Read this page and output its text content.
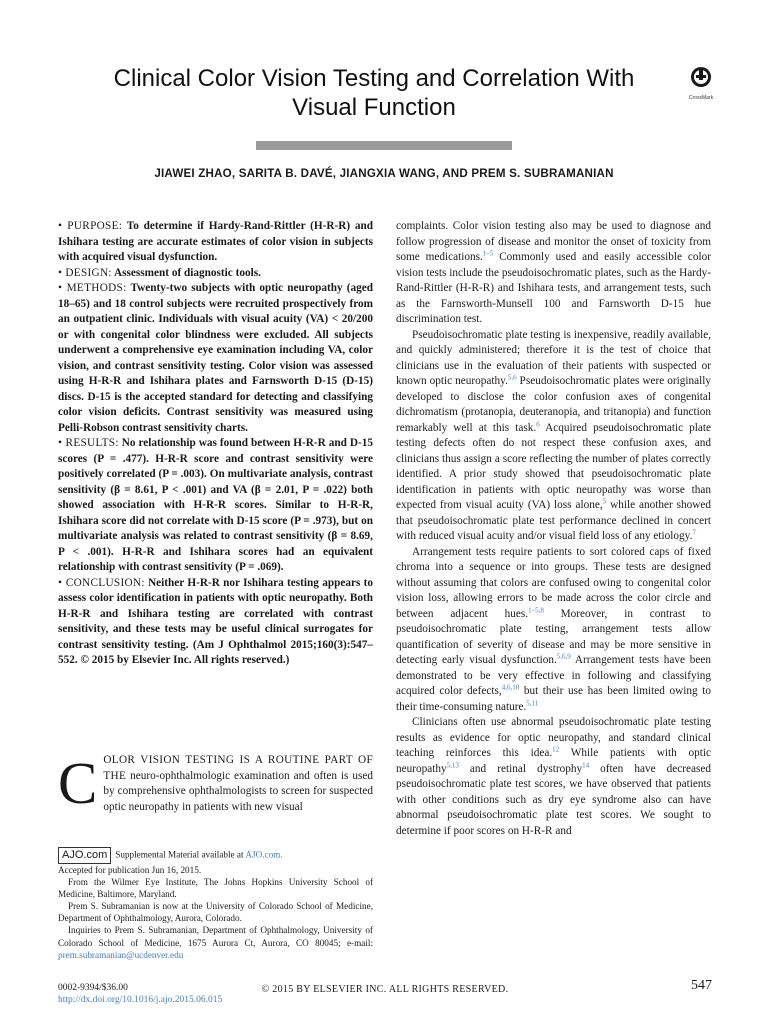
Clinical Color Vision Testing and Correlation With Visual Function	CrossMark
JIAWEI ZHAO, SARITA B. DAVÉ, JIANGXIA WANG, AND PREM S. SUBRAMANIAN

• PURPOSE: To determine if Hardy-Rand-Rittler (H-R-R) and Ishihara testing are accurate estimates of color vision in subjects with acquired visual dysfunction.

• DESIGN: Assessment of diagnostic tools.

• METHODS: Twenty-two subjects with optic neuropathy (aged 18–65) and 18 control subjects were recruited prospectively from an outpatient clinic. Individuals with visual acuity (VA) < 20/200 or with congenital color blindness were excluded. All subjects underwent a comprehensive eye examination including VA, color vision, and contrast sensitivity testing. Color vision was assessed using H-R-R and Ishihara plates and Farnsworth D-15 (D-15) discs. D-15 is the accepted standard for detecting and classifying color vision deficits. Contrast sensitivity was measured using Pelli-Robson contrast sensitivity charts.

• RESULTS: No relationship was found between H-R-R and D-15 scores (P = .477). H-R-R score and contrast sensitivity were positively correlated (P = .003). On multivariate analysis, contrast sensitivity (β = 8.61, P < .001) and VA (β = 2.01, P = .022) both showed association with H-R-R scores. Similar to H-R-R, Ishihara score did not correlate with D-15 score (P = .973), but on multivariate analysis was related to contrast sensitivity (β = 8.69, P < .001). H-R-R and Ishihara scores had an equivalent relationship with contrast sensitivity (P = .069).

• CONCLUSION: Neither H-R-R nor Ishihara testing appears to assess color identification in patients with optic neuropathy. Both H-R-R and Ishihara testing are correlated with contrast sensitivity, and these tests may be useful clinical surrogates for contrast sensitivity testing. (Am J Ophthalmol 2015;160(3):547–552. © 2015 by Elsevier Inc. All rights reserved.)

C OLOR VISION TESTING IS A ROUTINE PART OF THE neuro-ophthalmologic examination and often is used by comprehensive ophthalmologists to screen for suspected optic neuropathy in patients with new visual

AJO.com Supplemental Material available at AJO.com.

Accepted for publication Jun 16, 2015.

From the Wilmer Eye Institute, The Johns Hopkins University School of Medicine, Baltimore, Maryland.

Prem S. Subramanian is now at the University of Colorado School of Medicine, Department of Ophthalmology, Aurora, Colorado.

Inquiries to Prem S. Subramanian, Department of Ophthalmology, University of Colorado School of Medicine, 1675 Aurora Ct, Aurora, CO 80045; e-mail: prem.subramanian@ucdenver.edu

complaints. Color vision testing also may be used to diagnose and follow progression of disease and monitor the onset of toxicity from some medications.$^{1-5}$ Commonly used and easily accessible color vision tests include the pseudoisochromatic plates, such as the Hardy-Rand-Rittler (H-R-R) and Ishihara tests, and arrangement tests, such as the Farnsworth-Munsell 100 and Farnsworth D-15 hue discrimination test.

Pseudoisochromatic plate testing is inexpensive, readily available, and quickly administered; therefore it is the test of choice that clinicians use in the evaluation of their patients with suspected or known optic neuropathy.$^{5,6}$ Pseudoisochromatic plates were originally developed to disclose the color confusion axes of congenital dichromatism (protanopia, deuteranopia, and tritanopia) and function remarkably well at this task.$^6$ Acquired pseudoisochromatic plate testing defects often do not respect these confusion axes, and clinicians thus assign a score reflecting the number of plates correctly identified. A prior study showed that pseudoisochromatic plate identification in patients with optic neuropathy was worse than expected from visual acuity (VA) loss alone,$^5$ while another showed that pseudoisochromatic plate test performance declined in concert with reduced visual acuity and/or visual field loss of any etiology.$^7$

Arrangement tests require patients to sort colored caps of fixed chroma into a sequence or into groups. These tests are designed without assuming that colors are confused owing to congenital color vision loss, allowing errors to be made across the color circle and between adjacent hues.$^{1-5,8}$ Moreover, in contrast to pseudoisochromatic plate testing, arrangement tests allow quantification of severity of disease and may be more sensitive in detecting early visual dysfunction.$^{5,6,9}$ Arrangement tests have been demonstrated to be very effective in following and classifying acquired color defects,$^{4,6,10}$ but their use has been limited owing to their time-consuming nature.$^{5,11}$

Clinicians often use abnormal pseudoisochromatic plate testing results as evidence for optic neuropathy, and standard clinical teaching reinforces this idea.$^{12}$ While patients with optic neuropathy$^{5,13}$ and retinal dystrophy$^{14}$ often have decreased pseudoisochromatic plate test scores, we have observed that patients with other conditions such as dry eye syndrome also can have abnormal pseudoisochromatic plate test scores. We sought to determine if poor scores on H-R-R and

0002-9394/$36.00
http://dx.doi.org/10.1016/j.ajo.2015.06.015
© 2015 BY ELSEVIER INC. ALL RIGHTS RESERVED.	547
